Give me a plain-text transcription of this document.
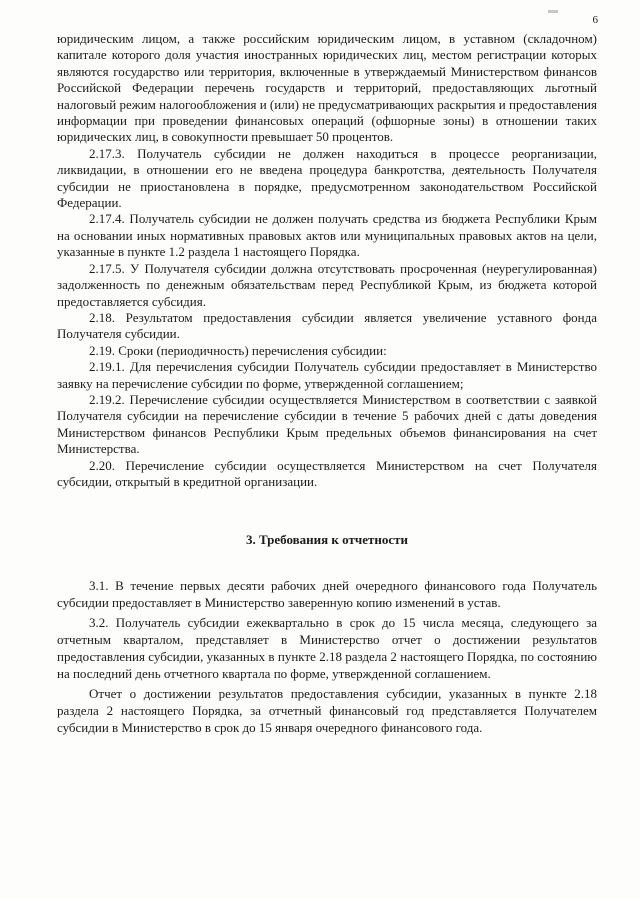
6

юридическим лицом, а также российским юридическим лицом, в уставном (складочном) капитале которого доля участия иностранных юридических лиц, местом регистрации которых являются государство или территория, включенные в утверждаемый Министерством финансов Российской Федерации перечень государств и территорий, предоставляющих льготный налоговый режим налогообложения и (или) не предусматривающих раскрытия и предоставления информации при проведении финансовых операций (офшорные зоны) в отношении таких юридических лиц, в совокупности превышает 50 процентов.

2.17.3. Получатель субсидии не должен находиться в процессе реорганизации, ликвидации, в отношении его не введена процедура банкротства, деятельность Получателя субсидии не приостановлена в порядке, предусмотренном законодательством Российской Федерации.

2.17.4. Получатель субсидии не должен получать средства из бюджета Республики Крым на основании иных нормативных правовых актов или муниципальных правовых актов на цели, указанные в пункте 1.2 раздела 1 настоящего Порядка.

2.17.5. У Получателя субсидии должна отсутствовать просроченная (неурегулированная) задолженность по денежным обязательствам перед Республикой Крым, из бюджета которой предоставляется субсидия.

2.18. Результатом предоставления субсидии является увеличение уставного фонда Получателя субсидии.

2.19. Сроки (периодичность) перечисления субсидии:

2.19.1. Для перечисления субсидии Получатель субсидии предоставляет в Министерство заявку на перечисление субсидии по форме, утвержденной соглашением;

2.19.2. Перечисление субсидии осуществляется Министерством в соответствии с заявкой Получателя субсидии на перечисление субсидии в течение 5 рабочих дней с даты доведения Министерством финансов Республики Крым предельных объемов финансирования на счет Министерства.

2.20. Перечисление субсидии осуществляется Министерством на счет Получателя субсидии, открытый в кредитной организации.

3. Требования к отчетности

3.1. В течение первых десяти рабочих дней очередного финансового года Получатель субсидии предоставляет в Министерство заверенную копию изменений в устав.

3.2. Получатель субсидии ежеквартально в срок до 15 числа месяца, следующего за отчетным кварталом, представляет в Министерство отчет о достижении результатов предоставления субсидии, указанных в пункте 2.18 раздела 2 настоящего Порядка, по состоянию на последний день отчетного квартала по форме, утвержденной соглашением.

Отчет о достижении результатов предоставления субсидии, указанных в пункте 2.18 раздела 2 настоящего Порядка, за отчетный финансовый год представляется Получателем субсидии в Министерство в срок до 15 января очередного финансового года.
